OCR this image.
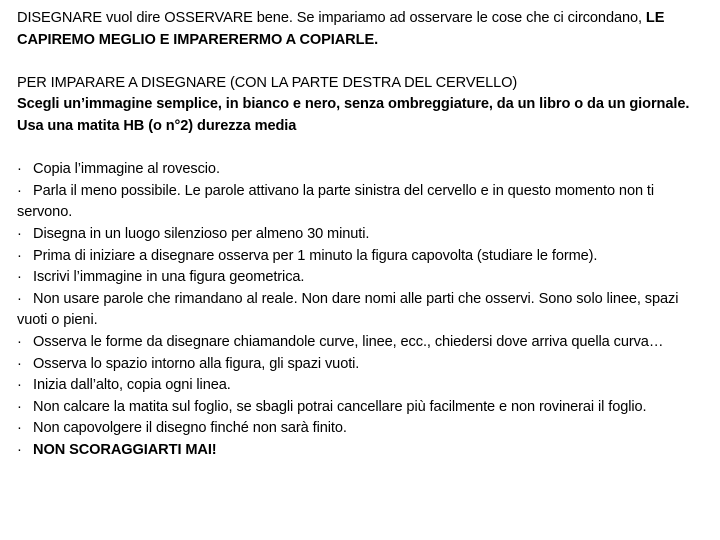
DISEGNARE vuol dire OSSERVARE bene. Se impariamo ad osservare le cose che ci circondano, LE CAPIREMO MEGLIO E IMPARERERMO A COPIARLE.

PER IMPARARE A DISEGNARE (CON LA PARTE DESTRA DEL CERVELLO)

Scegli un’immagine semplice, in bianco e nero, senza ombreggiature, da un libro o da un giornale.

Usa una matita HB (o n°2) durezza media

· Copia l’immagine al rovescio.
· Parla il meno possibile. Le parole attivano la parte sinistra del cervello e in questo momento non ti servono.
· Disegna in un luogo silenzioso per almeno 30 minuti.
· Prima di iniziare a disegnare osserva per 1 minuto la figura capovolta (studiare le forme).
· Iscrivi l’immagine in una figura geometrica.
· Non usare parole che rimandano al reale. Non dare nomi alle parti che osservi. Sono solo linee, spazi vuoti o pieni.
· Osserva le forme da disegnare chiamandole curve, linee, ecc., chiedersi dove arriva quella curva…
· Osserva lo spazio intorno alla figura, gli spazi vuoti.
· Inizia dall’alto, copia ogni linea.
· Non calcare la matita sul foglio, se sbagli potrai cancellare più facilmente e non rovinerai il foglio.
· Non capovolgere il disegno finché non sarà finito.
· NON SCORAGGIARTI MAI!
